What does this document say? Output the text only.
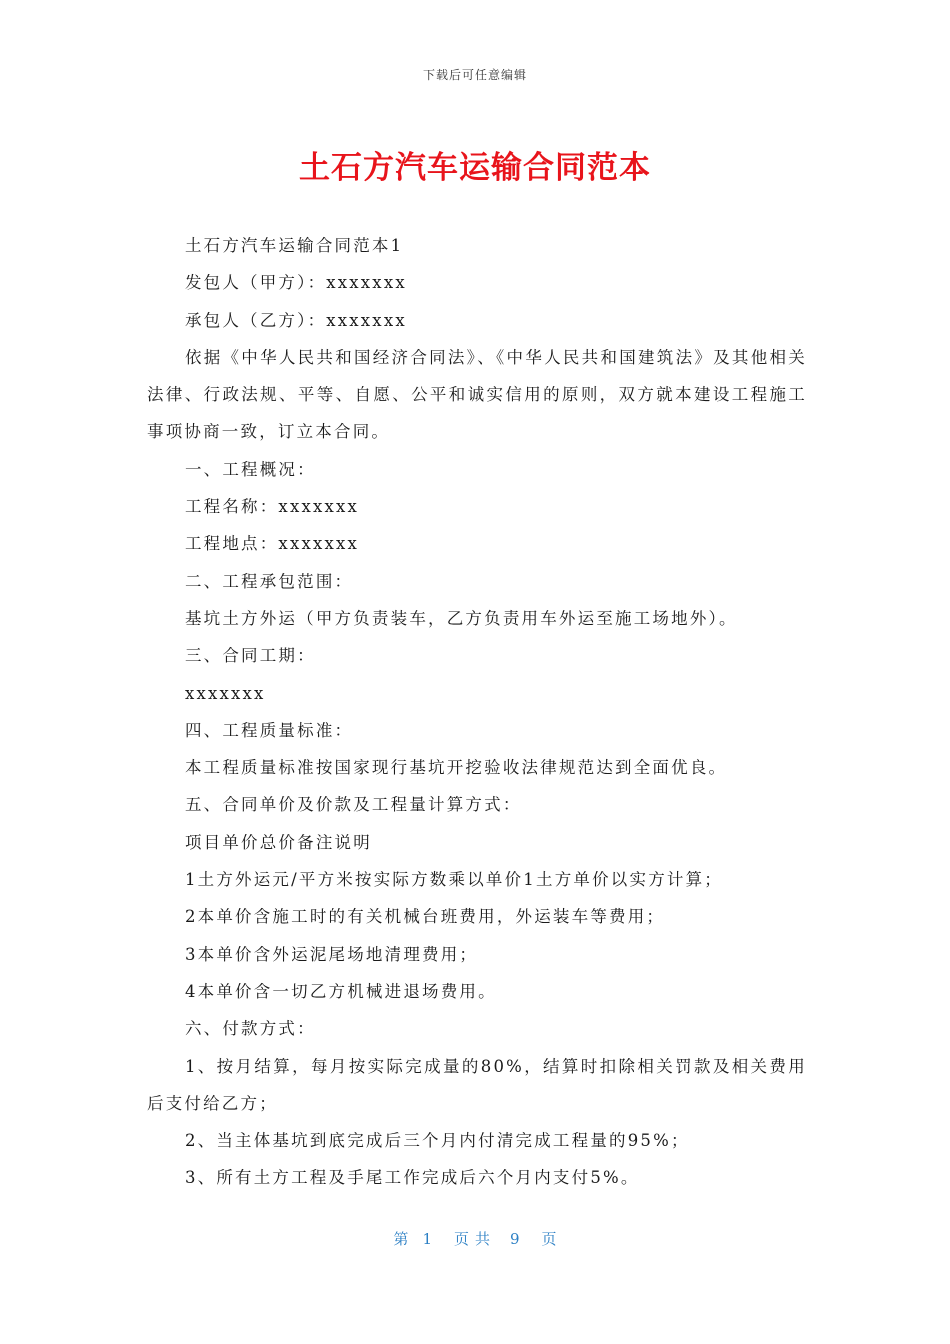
下载后可任意编辑
土石方汽车运输合同范本

土石方汽车运输合同范本1

发包人（甲方）：xxxxxxx

承包人（乙方）：xxxxxxx

依据《中华人民共和国经济合同法》、《中华人民共和国建筑法》及其他相关法律、行政法规、平等、自愿、公平和诚实信用的原则，双方就本建设工程施工事项协商一致，订立本合同。

一、工程概况：

工程名称：xxxxxxx

工程地点：xxxxxxx

二、工程承包范围：

基坑土方外运（甲方负责装车，乙方负责用车外运至施工场地外）。

三、合同工期：

xxxxxxx

四、工程质量标准：

本工程质量标准按国家现行基坑开挖验收法律规范达到全面优良。

五、合同单价及价款及工程量计算方式：

项目单价总价备注说明

1土方外运元/平方米按实际方数乘以单价1土方单价以实方计算；

2本单价含施工时的有关机械台班费用，外运装车等费用；

3本单价含外运泥尾场地清理费用；

4本单价含一切乙方机械进退场费用。

六、付款方式：

1、按月结算，每月按实际完成量的80%，结算时扣除相关罚款及相关费用后支付给乙方；

2、当主体基坑到底完成后三个月内付清完成工程量的95%；

3、所有土方工程及手尾工作完成后六个月内支付5%。

第 1 页共 9 页
